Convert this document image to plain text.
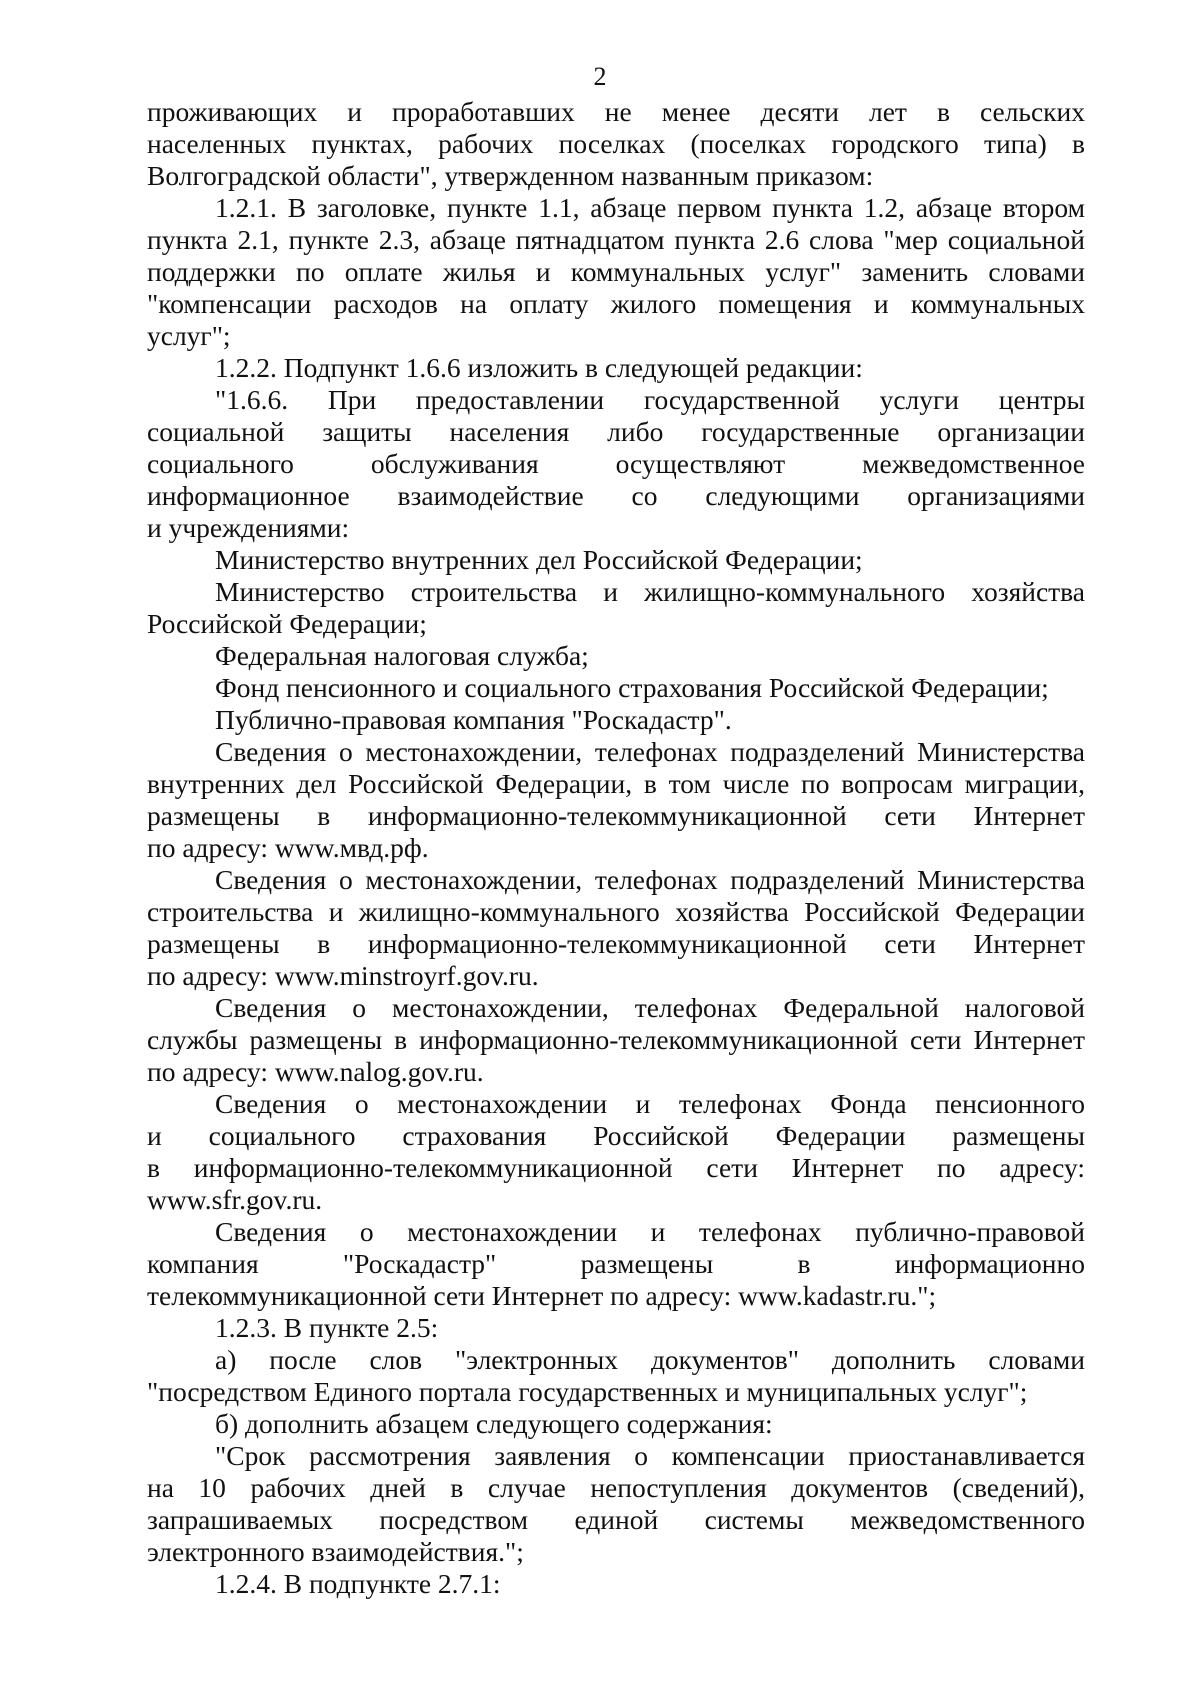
2
проживающих и проработавших не менее десяти лет в сельских
населенных пунктах, рабочих поселках (поселках городского типа) в
Волгоградской области", утвержденном названным приказом:
1.2.1. В заголовке, пункте 1.1, абзаце первом пункта 1.2, абзаце втором
пункта 2.1, пункте 2.3, абзаце пятнадцатом пункта 2.6 слова "мер социальной
поддержки по оплате жилья и коммунальных услуг" заменить словами
"компенсации расходов на оплату жилого помещения и коммунальных
услуг";
1.2.2. Подпункт 1.6.6 изложить в следующей редакции:
"1.6.6. При предоставлении государственной услуги центры
социальной защиты населения либо государственные организации
социального обслуживания осуществляют межведомственное
информационное взаимодействие со следующими организациями
и учреждениями:
Министерство внутренних дел Российской Федерации;
Министерство строительства и жилищно-коммунального хозяйства
Российской Федерации;
Федеральная налоговая служба;
Фонд пенсионного и социального страхования Российской Федерации;
Публично-правовая компания "Роскадастр".
Сведения о местонахождении, телефонах подразделений Министерства
внутренних дел Российской Федерации, в том числе по вопросам миграции,
размещены в информационно-телекоммуникационной сети Интернет
по адресу: www.мвд.рф.
Сведения о местонахождении, телефонах подразделений Министерства
строительства и жилищно-коммунального хозяйства Российской Федерации
размещены в информационно-телекоммуникационной сети Интернет
по адресу: www.minstroyrf.gov.ru.
Сведения о местонахождении, телефонах Федеральной налоговой
службы размещены в информационно-телекоммуникационной сети Интернет
по адресу: www.nalog.gov.ru.
Сведения о местонахождении и телефонах Фонда пенсионного
и социального страхования Российской Федерации размещены
в информационно-телекоммуникационной сети Интернет по адресу:
www.sfr.gov.ru.
Сведения о местонахождении и телефонах публично-правовой
компания "Роскадастр" размещены в информационно
телекоммуникационной сети Интернет по адресу: www.kadastr.ru.";
1.2.3. В пункте 2.5:
а) после слов "электронных документов" дополнить словами
"посредством Единого портала государственных и муниципальных услуг";
б) дополнить абзацем следующего содержания:
"Срок рассмотрения заявления о компенсации приостанавливается
на 10 рабочих дней в случае непоступления документов (сведений),
запрашиваемых посредством единой системы межведомственного
электронного взаимодействия.";
1.2.4. В подпункте 2.7.1:
